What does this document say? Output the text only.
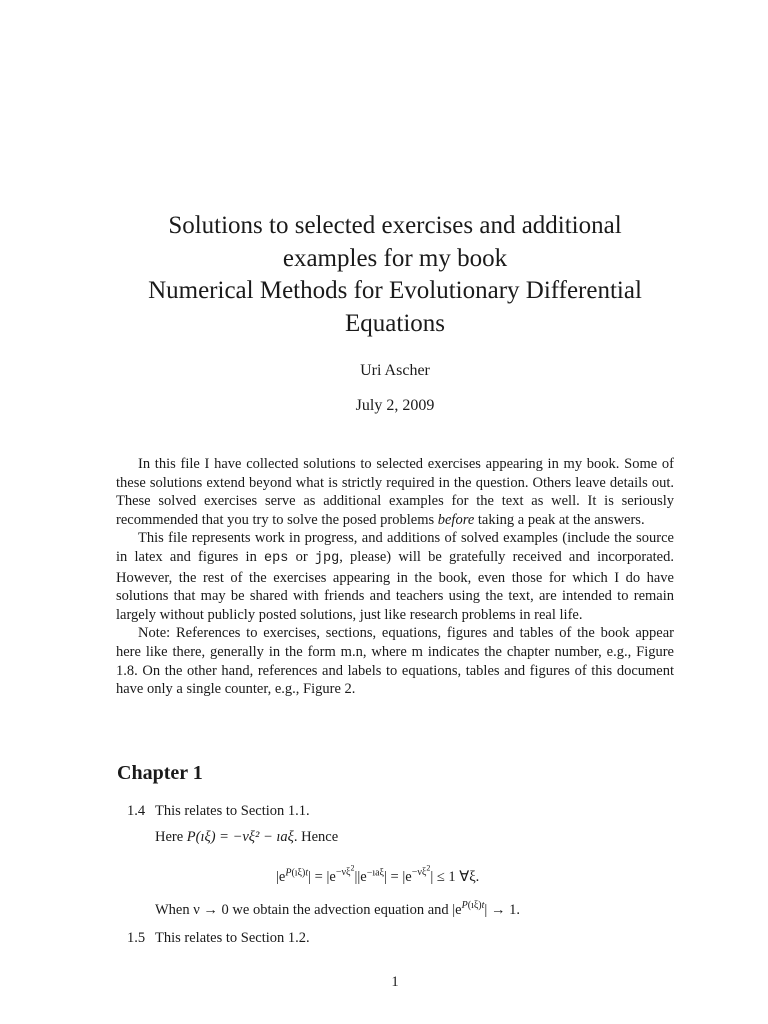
Solutions to selected exercises and additional
examples for my book
Numerical Methods for Evolutionary Differential
Equations
Uri Ascher
July 2, 2009

In this file I have collected solutions to selected exercises appearing in my book. Some of these solutions extend beyond what is strictly required in the question. Others leave details out. These solved exercises serve as additional examples for the text as well. It is seriously recommended that you try to solve the posed problems before taking a peak at the answers.

This file represents work in progress, and additions of solved examples (include the source in latex and figures in eps or jpg, please) will be gratefully received and incorporated. However, the rest of the exercises appearing in the book, even those for which I do have solutions that may be shared with friends and teachers using the text, are intended to remain largely without publicly posted solutions, just like research problems in real life.

Note: References to exercises, sections, equations, figures and tables of the book appear here like there, generally in the form m.n, where m indicates the chapter number, e.g., Figure 1.8. On the other hand, references and labels to equations, tables and figures of this document have only a single counter, e.g., Figure 2.

Chapter 1
1.4 This relates to Section 1.1.
Here P(ıξ) = −νξ² − ıaξ. Hence
$|e^{P(ı\xi)t}| = |e^{-\nu\xi^2}||e^{-ıa\xi}| = |e^{-\nu\xi^2}| \le 1$ ∀ξ.
When ν → 0 we obtain the advection equation and $|e^{P(ı\xi)t}| \to 1$.
1.5 This relates to Section 1.2.
1
